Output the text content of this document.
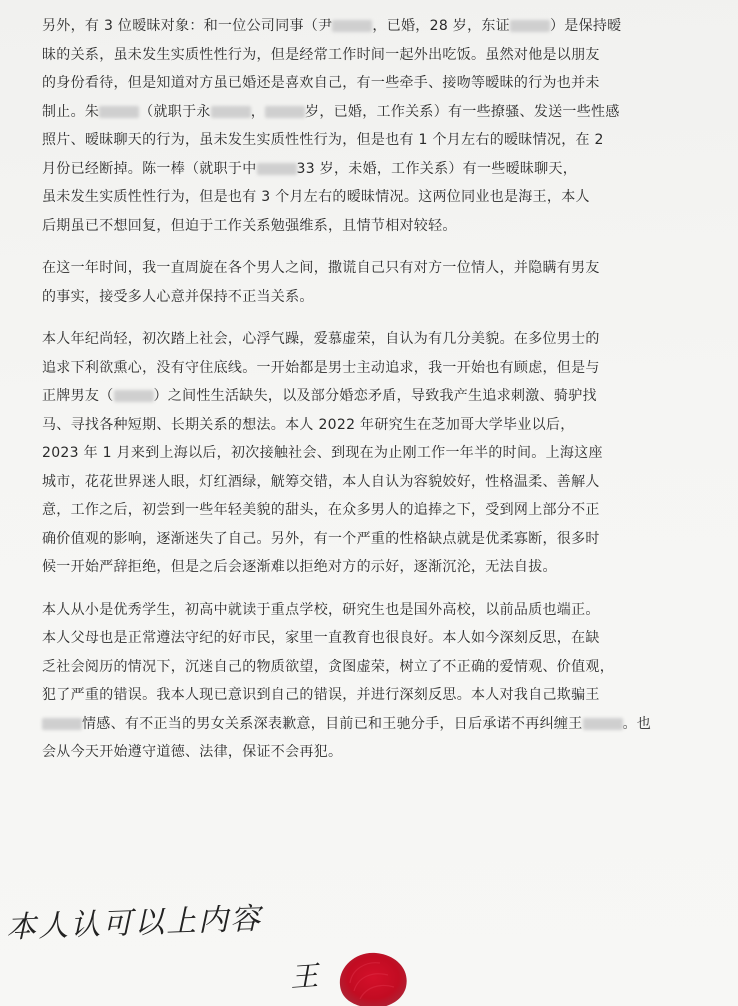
另外，有 3 位暧昧对象：和一位公司同事（尹	，已婚，28 岁，东证	）是保持暧
昧的关系，虽未发生实质性性行为，但是经常工作时间一起外出吃饭。虽然对他是以朋友
的身份看待，但是知道对方虽已婚还是喜欢自己，有一些牵手、接吻等暧昧的行为也并未
制止。朱	（就职于永	，	岁，已婚，工作关系）有一些撩骚、发送一些性感
照片、暧昧聊天的行为，虽未发生实质性性行为，但是也有 1 个月左右的暧昧情况，在 2
月份已经断掉。陈一棒（就职于中	33 岁，未婚，工作关系）有一些暧昧聊天，
虽未发生实质性性行为，但是也有 3 个月左右的暧昧情况。这两位同业也是海王，本人
后期虽已不想回复，但迫于工作关系勉强维系，且情节相对较轻。
在这一年时间，我一直周旋在各个男人之间，撒谎自己只有对方一位情人，并隐瞒有男友
的事实，接受多人心意并保持不正当关系。
本人年纪尚轻，初次踏上社会，心浮气躁，爱慕虚荣，自认为有几分美貌。在多位男士的
追求下利欲熏心，没有守住底线。一开始都是男士主动追求，我一开始也有顾虑，但是与
正牌男友（	）之间性生活缺失，以及部分婚恋矛盾，导致我产生追求刺激、骑驴找
马、寻找各种短期、长期关系的想法。本人 2022 年研究生在芝加哥大学毕业以后，
2023 年 1 月来到上海以后，初次接触社会、到现在为止刚工作一年半的时间。上海这座
城市，花花世界迷人眼，灯红酒绿，觥筹交错，本人自认为容貌姣好，性格温柔、善解人
意，工作之后，初尝到一些年轻美貌的甜头，在众多男人的追捧之下，受到网上部分不正
确价值观的影响，逐渐迷失了自己。另外，有一个严重的性格缺点就是优柔寡断，很多时
候一开始严辞拒绝，但是之后会逐渐难以拒绝对方的示好，逐渐沉沦，无法自拔。
本人从小是优秀学生，初高中就读于重点学校，研究生也是国外高校，以前品质也端正。
本人父母也是正常遵法守纪的好市民，家里一直教育也很良好。本人如今深刻反思，在缺
乏社会阅历的情况下，沉迷自己的物质欲望，贪图虚荣，树立了不正确的爱情观、价值观，
犯了严重的错误。我本人现已意识到自己的错误，并进行深刻反思。本人对我自己欺骗王
情感、有不正当的男女关系深表歉意，目前已和王驰分手，日后承诺不再纠缠王	。也
会从今天开始遵守道德、法律，保证不会再犯。
本人认可以上内容
王
